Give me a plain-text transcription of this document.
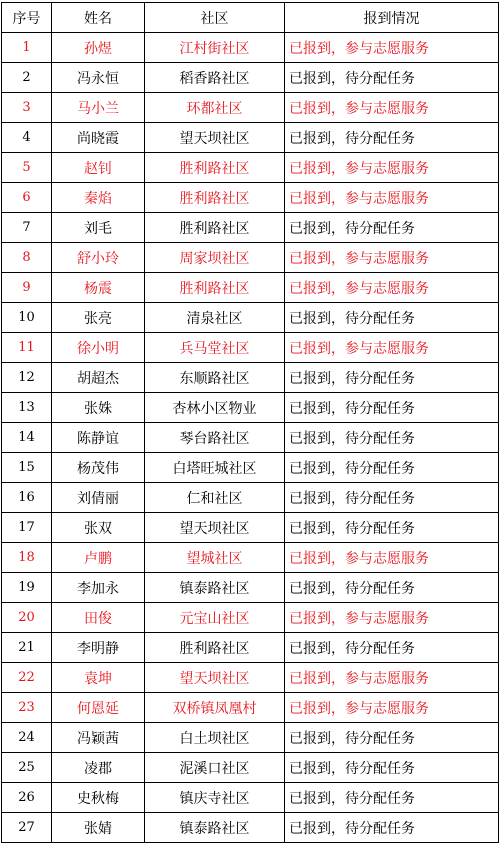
序号	姓名	社区	报到情况
1	孙煜	江村街社区	已报到，参与志愿服务
2	冯永恒	稻香路社区	已报到，待分配任务
3	马小兰	环都社区	已报到，参与志愿服务
4	尚晓霞	望天坝社区	已报到，待分配任务
5	赵钊	胜利路社区	已报到，参与志愿服务
6	秦焰	胜利路社区	已报到，参与志愿服务
7	刘毛	胜利路社区	已报到，待分配任务
8	舒小玲	周家坝社区	已报到，参与志愿服务
9	杨震	胜利路社区	已报到，参与志愿服务
10	张亮	清泉社区	已报到，待分配任务
11	徐小明	兵马堂社区	已报到，参与志愿服务
12	胡超杰	东顺路社区	已报到，待分配任务
13	张姝	杏林小区物业	已报到，待分配任务
14	陈静谊	琴台路社区	已报到，待分配任务
15	杨茂伟	白塔旺城社区	已报到，待分配任务
16	刘倩丽	仁和社区	已报到，待分配任务
17	张双	望天坝社区	已报到，待分配任务
18	卢鹏	望城社区	已报到，参与志愿服务
19	李加永	镇泰路社区	已报到，待分配任务
20	田俊	元宝山社区	已报到，参与志愿服务
21	李明静	胜利路社区	已报到，待分配任务
22	袁坤	望天坝社区	已报到，参与志愿服务
23	何恩延	双桥镇凤凰村	已报到，参与志愿服务
24	冯颖茜	白土坝社区	已报到，待分配任务
25	凌郡	泥溪口社区	已报到，待分配任务
26	史秋梅	镇庆寺社区	已报到，待分配任务
27	张婧	镇泰路社区	已报到，待分配任务
